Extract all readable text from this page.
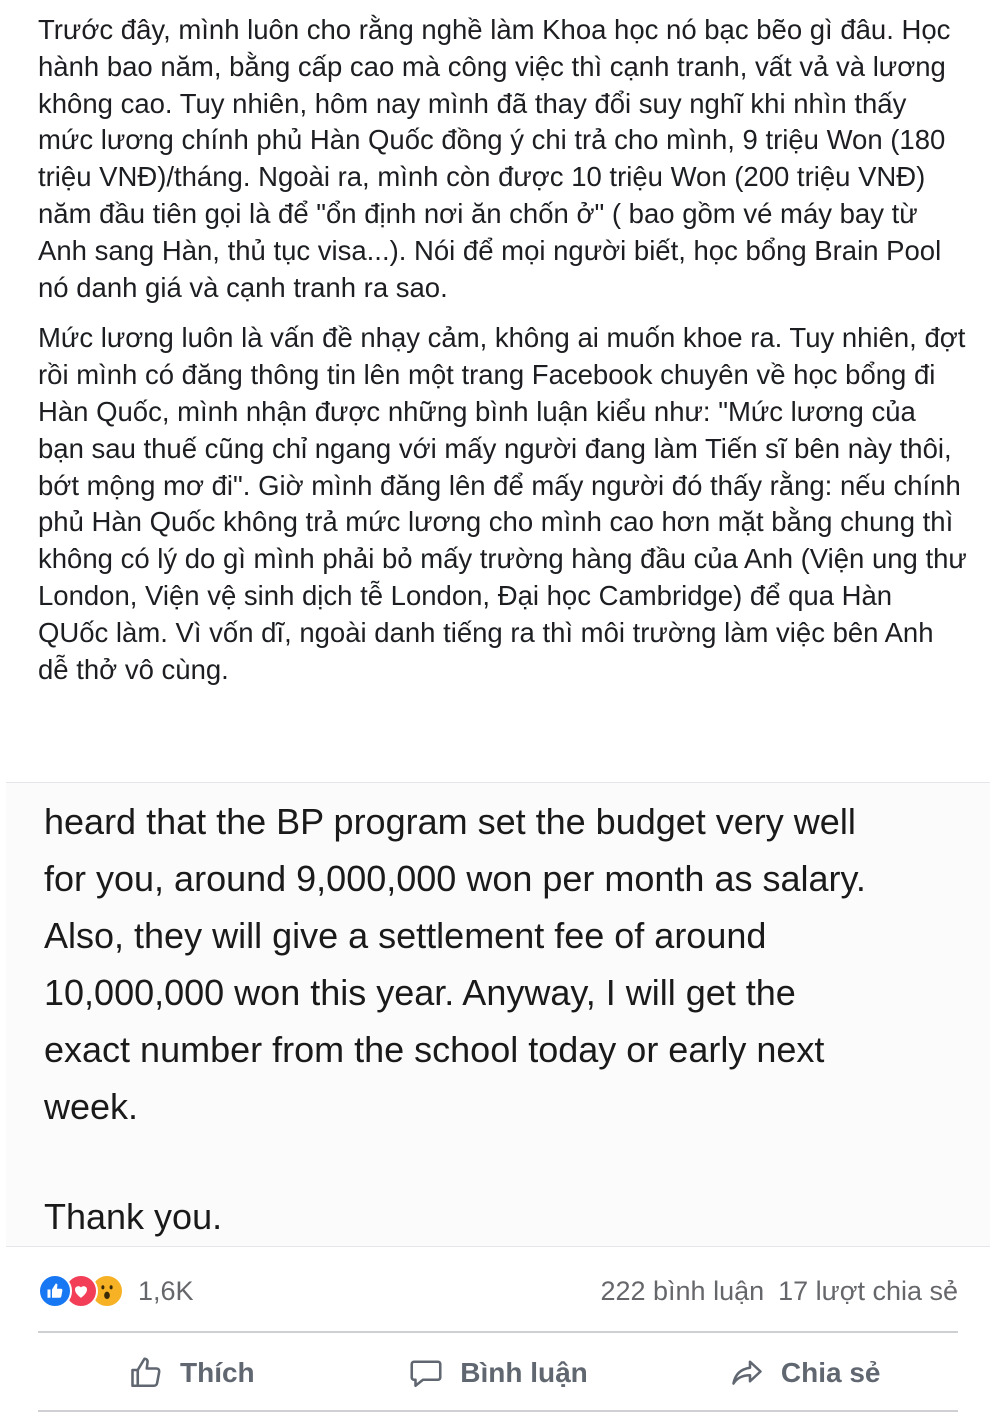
Trước đây, mình luôn cho rằng nghề làm Khoa học nó bạc bẽo gì đâu. Học hành bao năm, bằng cấp cao mà công việc thì cạnh tranh, vất vả và lương không cao. Tuy nhiên, hôm nay mình đã thay đổi suy nghĩ khi nhìn thấy mức lương chính phủ Hàn Quốc đồng ý chi trả cho mình, 9 triệu Won (180 triệu VNĐ)/tháng. Ngoài ra, mình còn được 10 triệu Won (200 triệu VNĐ) năm đầu tiên gọi là để "ổn định nơi ăn chốn ở" ( bao gồm vé máy bay từ Anh sang Hàn, thủ tục visa...). Nói để mọi người biết, học bổng Brain Pool nó danh giá và cạnh tranh ra sao.

Mức lương luôn là vấn đề nhạy cảm, không ai muốn khoe ra. Tuy nhiên, đợt rồi mình có đăng thông tin lên một trang Facebook chuyên về học bổng đi Hàn Quốc, mình nhận được những bình luận kiểu như: "Mức lương của bạn sau thuế cũng chỉ ngang với mấy người đang làm Tiến sĩ bên này thôi, bớt mộng mơ đi". Giờ mình đăng lên để mấy người đó thấy rằng: nếu chính phủ Hàn Quốc không trả mức lương cho mình cao hơn mặt bằng chung thì không có lý do gì mình phải bỏ mấy trường hàng đầu của Anh (Viện ung thư London, Viện vệ sinh dịch tễ London, Đại học Cambridge) để qua Hàn QUốc làm. Vì vốn dĩ, ngoài danh tiếng ra thì môi trường làm việc bên Anh dễ thở vô cùng.

heard that the BP program set the budget very well
for you, around 9,000,000 won per month as salary.
Also, they will give a settlement fee of around
10,000,000 won this year. Anyway, I will get the
exact number from the school today or early next
week.
Thank you.
1,6K	222 bình luận 17 lượt chia sẻ
Thích	Bình luận	Chia sẻ
